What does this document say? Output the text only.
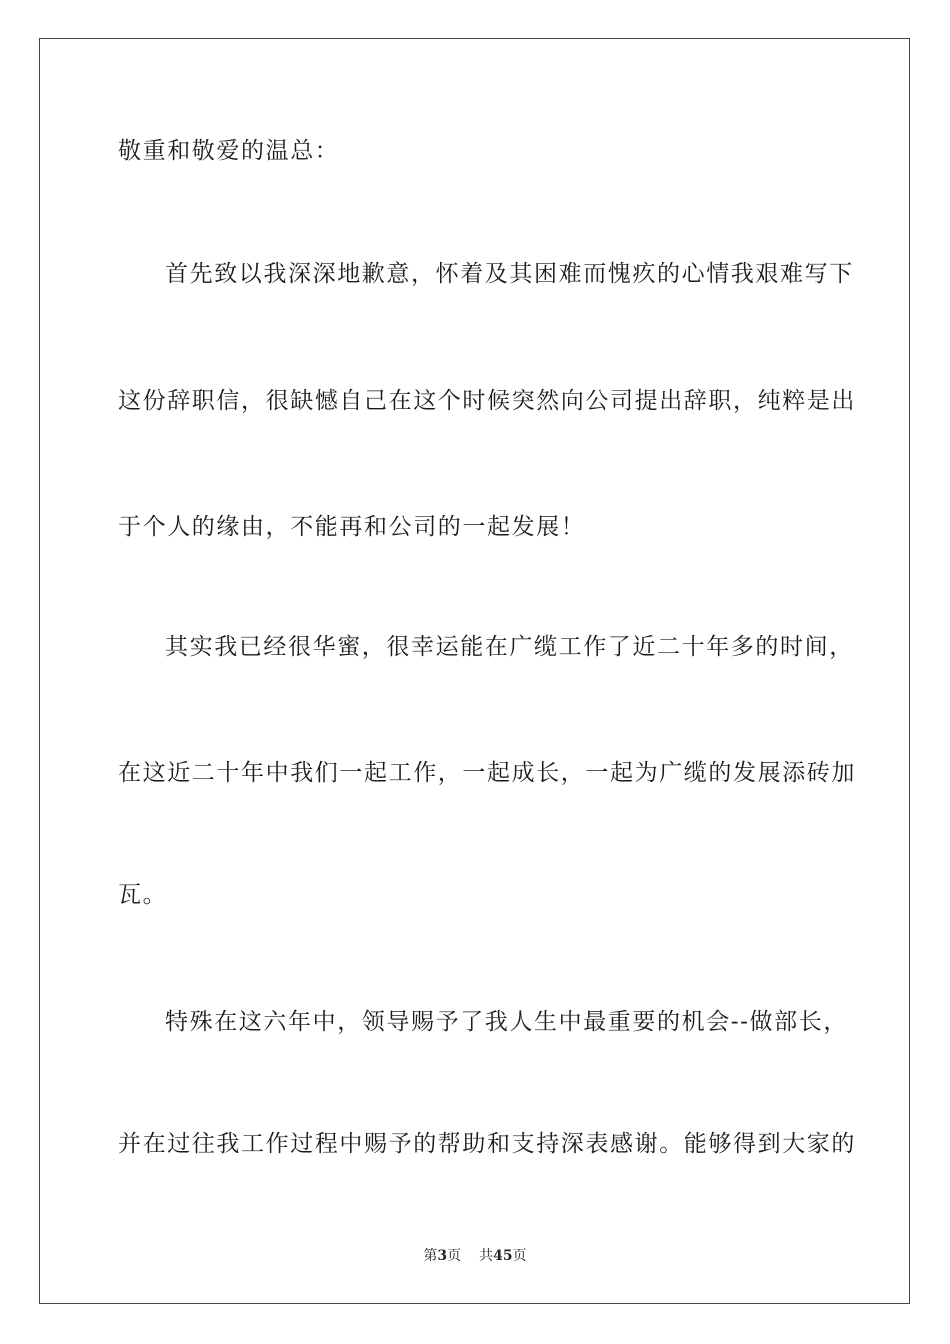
敬重和敬爱的温总：
首先致以我深深地歉意，怀着及其困难而愧疚的心情我艰难写下
这份辞职信，很缺憾自己在这个时候突然向公司提出辞职，纯粹是出
于个人的缘由，不能再和公司的一起发展！
其实我已经很华蜜，很幸运能在广缆工作了近二十年多的时间，
在这近二十年中我们一起工作，一起成长，一起为广缆的发展添砖加
瓦。
特殊在这六年中，领导赐予了我人生中最重要的机会--做部长，
并在过往我工作过程中赐予的帮助和支持深表感谢。能够得到大家的
第3页 共45页
